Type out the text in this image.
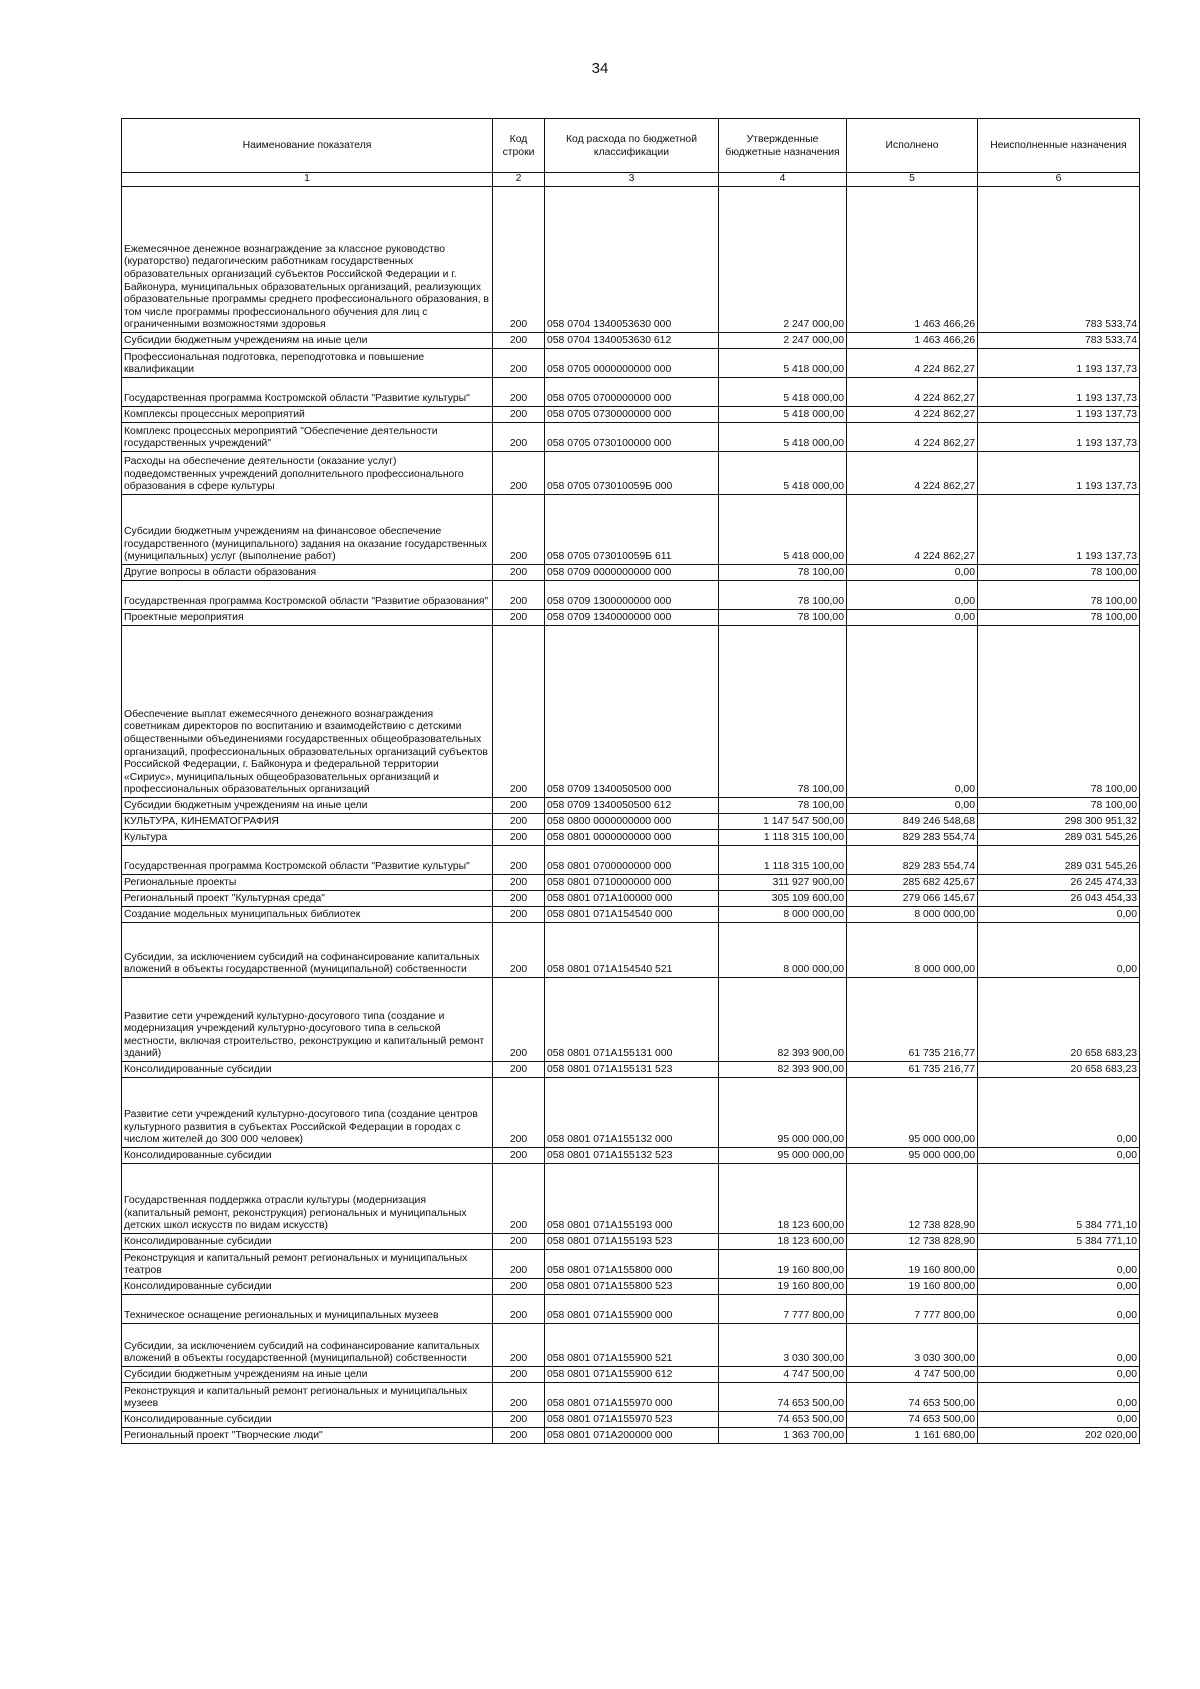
34
Наименование показателя	Код строки	Код расхода по бюджетной классификации	Утвержденные бюджетные назначения	Исполнено	Неисполненные назначения
1	2	3	4	5	6
Ежемесячное денежное вознаграждение за классное руководство (кураторство) педагогическим работникам государственных образовательных организаций субъектов Российской Федерации и г. Байконура, муниципальных образовательных организаций, реализующих образовательные программы среднего профессионального образования, в том числе программы профессионального обучения для лиц с ограниченными возможностями здоровья	200	058 0704 1340053630 000	2 247 000,00	1 463 466,26	783 533,74
Субсидии бюджетным учреждениям на иные цели	200	058 0704 1340053630 612	2 247 000,00	1 463 466,26	783 533,74
Профессиональная подготовка, переподготовка и повышение квалификации	200	058 0705 0000000000 000	5 418 000,00	4 224 862,27	1 193 137,73
Государственная программа Костромской области "Развитие культуры"	200	058 0705 0700000000 000	5 418 000,00	4 224 862,27	1 193 137,73
Комплексы процессных мероприятий	200	058 0705 0730000000 000	5 418 000,00	4 224 862,27	1 193 137,73
Комплекс процессных мероприятий "Обеспечение деятельности государственных учреждений"	200	058 0705 0730100000 000	5 418 000,00	4 224 862,27	1 193 137,73
Расходы на обеспечение деятельности (оказание услуг) подведомственных учреждений дополнительного профессионального образования в сфере культуры	200	058 0705 073010059Б 000	5 418 000,00	4 224 862,27	1 193 137,73
Субсидии бюджетным учреждениям на финансовое обеспечение государственного (муниципального) задания на оказание государственных (муниципальных) услуг (выполнение работ)	200	058 0705 073010059Б 611	5 418 000,00	4 224 862,27	1 193 137,73
Другие вопросы в области образования	200	058 0709 0000000000 000	78 100,00	0,00	78 100,00
Государственная программа Костромской области "Развитие образования"	200	058 0709 1300000000 000	78 100,00	0,00	78 100,00
Проектные мероприятия	200	058 0709 1340000000 000	78 100,00	0,00	78 100,00
Обеспечение выплат ежемесячного денежного вознаграждения советникам директоров по воспитанию и взаимодействию с детскими общественными объединениями государственных общеобразовательных организаций, профессиональных образовательных организаций субъектов Российской Федерации, г. Байконура и федеральной территории «Сириус», муниципальных общеобразовательных организаций и профессиональных образовательных организаций	200	058 0709 1340050500 000	78 100,00	0,00	78 100,00
Субсидии бюджетным учреждениям на иные цели	200	058 0709 1340050500 612	78 100,00	0,00	78 100,00
КУЛЬТУРА, КИНЕМАТОГРАФИЯ	200	058 0800 0000000000 000	1 147 547 500,00	849 246 548,68	298 300 951,32
Культура	200	058 0801 0000000000 000	1 118 315 100,00	829 283 554,74	289 031 545,26
Государственная программа Костромской области "Развитие культуры"	200	058 0801 0700000000 000	1 118 315 100,00	829 283 554,74	289 031 545,26
Региональные проекты	200	058 0801 0710000000 000	311 927 900,00	285 682 425,67	26 245 474,33
Региональный проект "Культурная среда"	200	058 0801 071A100000 000	305 109 600,00	279 066 145,67	26 043 454,33
Создание модельных муниципальных библиотек	200	058 0801 071A154540 000	8 000 000,00	8 000 000,00	0,00
Субсидии, за исключением субсидий на софинансирование капитальных вложений в объекты государственной (муниципальной) собственности	200	058 0801 071A154540 521	8 000 000,00	8 000 000,00	0,00
Развитие сети учреждений культурно-досугового типа (создание и модернизация учреждений культурно-досугового типа в сельской местности, включая строительство, реконструкцию и капитальный ремонт зданий)	200	058 0801 071A155131 000	82 393 900,00	61 735 216,77	20 658 683,23
Консолидированные субсидии	200	058 0801 071A155131 523	82 393 900,00	61 735 216,77	20 658 683,23
Развитие сети учреждений культурно-досугового типа (создание центров культурного развития в субъектах Российской Федерации в городах с числом жителей до 300 000 человек)	200	058 0801 071A155132 000	95 000 000,00	95 000 000,00	0,00
Консолидированные субсидии	200	058 0801 071A155132 523	95 000 000,00	95 000 000,00	0,00
Государственная поддержка отрасли культуры (модернизация (капитальный ремонт, реконструкция) региональных и муниципальных детских школ искусств по видам искусств)	200	058 0801 071A155193 000	18 123 600,00	12 738 828,90	5 384 771,10
Консолидированные субсидии	200	058 0801 071A155193 523	18 123 600,00	12 738 828,90	5 384 771,10
Реконструкция и капитальный ремонт региональных и муниципальных театров	200	058 0801 071A155800 000	19 160 800,00	19 160 800,00	0,00
Консолидированные субсидии	200	058 0801 071A155800 523	19 160 800,00	19 160 800,00	0,00
Техническое оснащение региональных и муниципальных музеев	200	058 0801 071A155900 000	7 777 800,00	7 777 800,00	0,00
Субсидии, за исключением субсидий на софинансирование капитальных вложений в объекты государственной (муниципальной) собственности	200	058 0801 071A155900 521	3 030 300,00	3 030 300,00	0,00
Субсидии бюджетным учреждениям на иные цели	200	058 0801 071A155900 612	4 747 500,00	4 747 500,00	0,00
Реконструкция и капитальный ремонт региональных и муниципальных музеев	200	058 0801 071A155970 000	74 653 500,00	74 653 500,00	0,00
Консолидированные субсидии	200	058 0801 071A155970 523	74 653 500,00	74 653 500,00	0,00
Региональный проект "Творческие люди"	200	058 0801 071A200000 000	1 363 700,00	1 161 680,00	202 020,00
